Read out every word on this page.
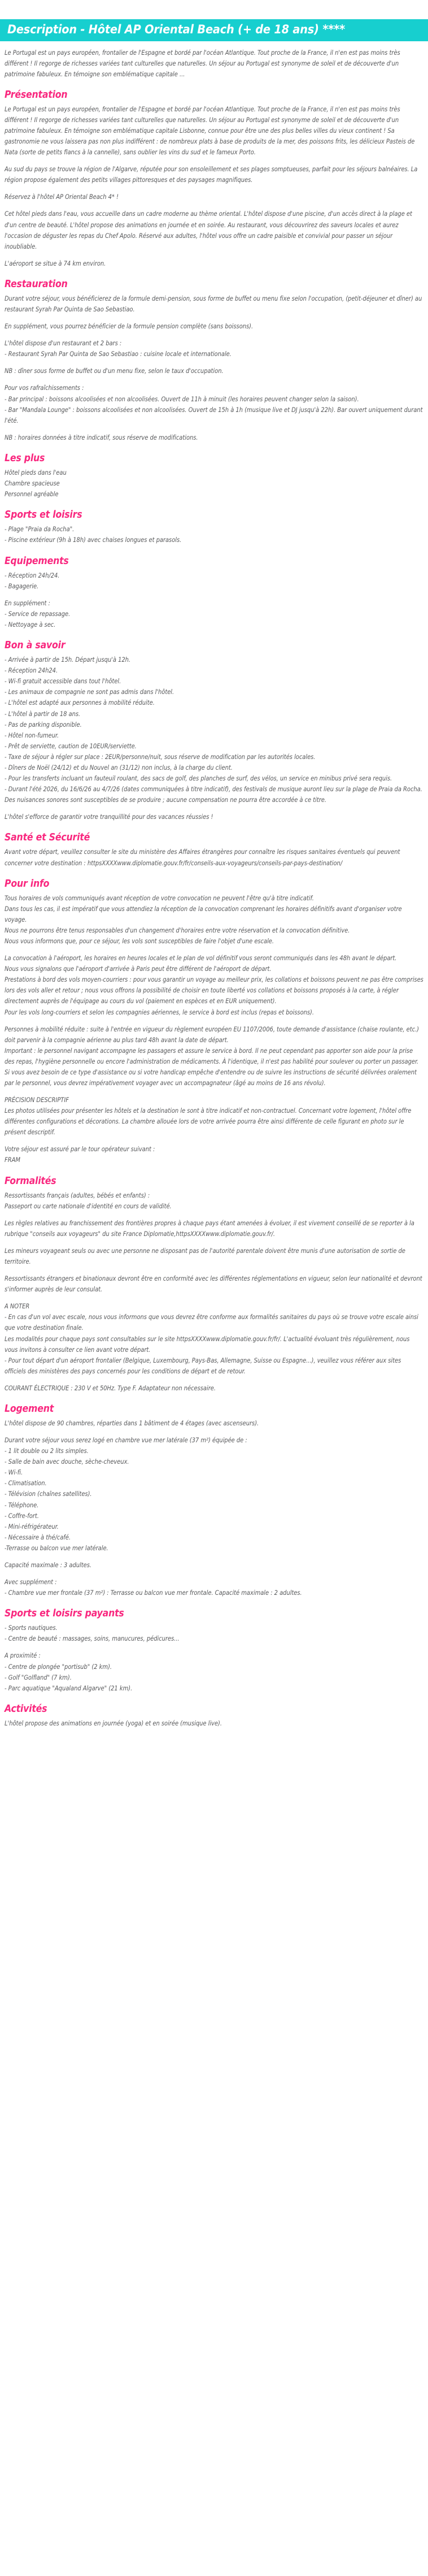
Description - Hôtel AP Oriental Beach (+ de 18 ans) ****

Le Portugal est un pays européen, frontalier de l'Espagne et bordé par l'océan Atlantique. Tout proche de la France, il n'en est pas moins très différent ! Il regorge de richesses variées tant culturelles que naturelles. Un séjour au Portugal est synonyme de soleil et de découverte d'un patrimoine fabuleux. En témoigne son emblématique capitale ...

Présentation

Le Portugal est un pays européen, frontalier de l'Espagne et bordé par l'océan Atlantique. Tout proche de la France, il n'en est pas moins très différent ! Il regorge de richesses variées tant culturelles que naturelles. Un séjour au Portugal est synonyme de soleil et de découverte d'un patrimoine fabuleux. En témoigne son emblématique capitale Lisbonne, connue pour être une des plus belles villes du vieux continent ! Sa gastronomie ne vous laissera pas non plus indifférent : de nombreux plats à base de produits de la mer, des poissons frits, les délicieux Pasteis de Nata (sorte de petits flancs à la cannelle), sans oublier les vins du sud et le fameux Porto.

Au sud du pays se trouve la région de l'Algarve, réputée pour son ensoleillement et ses plages somptueuses, parfait pour les séjours balnéaires. La région propose également des petits villages pittoresques et des paysages magnifiques.

Réservez à l'hôtel AP Oriental Beach 4* !

Cet hôtel pieds dans l'eau, vous accueille dans un cadre moderne au thème oriental. L'hôtel dispose d'une piscine, d'un accès direct à la plage et d'un centre de beauté. L'hôtel propose des animations en journée et en soirée. Au restaurant, vous découvrirez des saveurs locales et aurez l'occasion de déguster les repas du Chef Apolo. Réservé aux adultes, l'hôtel vous offre un cadre paisible et convivial pour passer un séjour inoubliable.

L'aéroport se situe à 74 km environ.

Restauration

Durant votre séjour, vous bénéficierez de la formule demi-pension, sous forme de buffet ou menu fixe selon l'occupation, (petit-déjeuner et dîner) au restaurant Syrah Par Quinta de Sao Sebastiao.

En supplément, vous pourrez bénéficier de la formule pension complète (sans boissons).

L'hôtel dispose d'un restaurant et 2 bars :

- Restaurant Syrah Par Quinta de Sao Sebastiao : cuisine locale et internationale.

NB : dîner sous forme de buffet ou d'un menu fixe, selon le taux d'occupation.

Pour vos rafraîchissements :

- Bar principal : boissons alcoolisées et non alcoolisées. Ouvert de 11h à minuit (les horaires peuvent changer selon la saison).

- Bar "Mandala Lounge" : boissons alcoolisées et non alcoolisées. Ouvert de 15h à 1h (musique live et DJ jusqu'à 22h). Bar ouvert uniquement durant l'été.

NB : horaires données à titre indicatif, sous réserve de modifications.

Les plus

Hôtel pieds dans l'eau

Chambre spacieuse

Personnel agréable

Sports et loisirs

- Plage "Praia da Rocha".

- Piscine extérieur (9h à 18h) avec chaises longues et parasols.

Equipements

- Réception 24h/24.

- Bagagerie.

En supplément :

- Service de repassage.

- Nettoyage à sec.

Bon à savoir

- Arrivée à partir de 15h. Départ jusqu'à 12h.

- Réception 24h24.

- Wi-fi gratuit accessible dans tout l'hôtel.

- Les animaux de compagnie ne sont pas admis dans l'hôtel.

- L'hôtel est adapté aux personnes à mobilité réduite.

- L'hôtel à partir de 18 ans.

- Pas de parking disponible.

- Hôtel non-fumeur.

- Prêt de serviette, caution de 10EUR/serviette.

- Taxe de séjour à régler sur place : 2EUR/personne/nuit, sous réserve de modification par les autorités locales.

- Dîners de Noël (24/12) et du Nouvel an (31/12) non inclus, à la charge du client.

- Pour les transferts incluant un fauteuil roulant, des sacs de golf, des planches de surf, des vélos, un service en minibus privé sera requis.

- Durant l'été 2026, du 16/6/26 au 4/7/26 (dates communiquées à titre indicatif), des festivals de musique auront lieu sur la plage de Praia da Rocha. Des nuisances sonores sont susceptibles de se produire ; aucune compensation ne pourra être accordée à ce titre.

L'hôtel s'efforce de garantir votre tranquillité pour des vacances réussies !

Santé et Sécurité

Avant votre départ, veuillez consulter le site du ministère des Affaires étrangères pour connaître les risques sanitaires éventuels qui peuvent concerner votre destination : httpsXXXXwww.diplomatie.gouv.fr/fr/conseils-aux-voyageurs/conseils-par-pays-destination/

Pour info

Tous horaires de vols communiqués avant réception de votre convocation ne peuvent l'être qu'à titre indicatif.

Dans tous les cas, il est impératif que vous attendiez la réception de la convocation comprenant les horaires définitifs avant d'organiser votre voyage.

Nous ne pourrons être tenus responsables d'un changement d'horaires entre votre réservation et la convocation définitive.

Nous vous informons que, pour ce séjour, les vols sont susceptibles de faire l'objet d'une escale.

La convocation à l'aéroport, les horaires en heures locales et le plan de vol définitif vous seront communiqués dans les 48h avant le départ.

Nous vous signalons que l'aéroport d'arrivée à Paris peut être différent de l'aéroport de départ.

Prestations à bord des vols moyen-courriers : pour vous garantir un voyage au meilleur prix, les collations et boissons peuvent ne pas être comprises lors des vols aller et retour ; nous vous offrons la possibilité de choisir en toute liberté vos collations et boissons proposés à la carte, à régler directement auprès de l'équipage au cours du vol (paiement en espèces et en EUR uniquement).

Pour les vols long-courriers et selon les compagnies aériennes, le service à bord est inclus (repas et boissons).

Personnes à mobilité réduite : suite à l'entrée en vigueur du règlement européen EU 1107/2006, toute demande d'assistance (chaise roulante, etc.) doit parvenir à la compagnie aérienne au plus tard 48h avant la date de départ.

Important : le personnel navigant accompagne les passagers et assure le service à bord. Il ne peut cependant pas apporter son aide pour la prise des repas, l'hygiène personnelle ou encore l'administration de médicaments. À l'identique, il n'est pas habilité pour soulever ou porter un passager. Si vous avez besoin de ce type d'assistance ou si votre handicap empêche d'entendre ou de suivre les instructions de sécurité délivrées oralement par le personnel, vous devrez impérativement voyager avec un accompagnateur (âgé au moins de 16 ans révolu).

PRÉCISION DESCRIPTIF

Les photos utilisées pour présenter les hôtels et la destination le sont à titre indicatif et non-contractuel. Concernant votre logement, l'hôtel offre différentes configurations et décorations. La chambre allouée lors de votre arrivée pourra être ainsi différente de celle figurant en photo sur le présent descriptif.

Votre séjour est assuré par le tour opérateur suivant :

FRAM

Formalités

Ressortissants français (adultes, bébés et enfants) :

Passeport ou carte nationale d'identité en cours de validité.

Les règles relatives au franchissement des frontières propres à chaque pays étant amenées à évoluer, il est vivement conseillé de se reporter à la rubrique "conseils aux voyageurs" du site France Diplomatie,httpsXXXXwww.diplomatie.gouv.fr/.

Les mineurs voyageant seuls ou avec une personne ne disposant pas de l'autorité parentale doivent être munis d'une autorisation de sortie de territoire.

Ressortissants étrangers et binationaux devront être en conformité avec les différentes réglementations en vigueur, selon leur nationalité et devront s'informer auprès de leur consulat.

A NOTER

- En cas d'un vol avec escale, nous vous informons que vous devrez être conforme aux formalités sanitaires du pays où se trouve votre escale ainsi que votre destination finale.

Les modalités pour chaque pays sont consultables sur le site httpsXXXXwww.diplomatie.gouv.fr/fr/. L'actualité évoluant très régulièrement, nous vous invitons à consulter ce lien avant votre départ.

- Pour tout départ d'un aéroport frontalier (Belgique, Luxembourg, Pays-Bas, Allemagne, Suisse ou Espagne...), veuillez vous référer aux sites officiels des ministères des pays concernés pour les conditions de départ et de retour.

COURANT ÉLECTRIQUE : 230 V et 50Hz. Type F. Adaptateur non nécessaire.

Logement

L'hôtel dispose de 90 chambres, réparties dans 1 bâtiment de 4 étages (avec ascenseurs).

Durant votre séjour vous serez logé en chambre vue mer latérale (37 m²) équipée de :

- 1 lit double ou 2 lits simples.

- Salle de bain avec douche, sèche-cheveux.

- Wi-fi.

- Climatisation.

- Télévision (chaînes satellites).

- Téléphone.

- Coffre-fort.

- Mini-réfrigérateur.

- Nécessaire à thé/café.

-Terrasse ou balcon vue mer latérale.

Capacité maximale : 3 adultes.

Avec supplément :

- Chambre vue mer frontale (37 m²) : Terrasse ou balcon vue mer frontale. Capacité maximale : 2 adultes.

Sports et loisirs payants

- Sports nautiques.

- Centre de beauté : massages, soins, manucures, pédicures...

A proximité :

- Centre de plongée "portisub" (2 km).

- Golf "Golfland" (7 km).

- Parc aquatique "Aqualand Algarve" (21 km).

Activités

L'hôtel propose des animations en journée (yoga) et en soirée (musique live).
